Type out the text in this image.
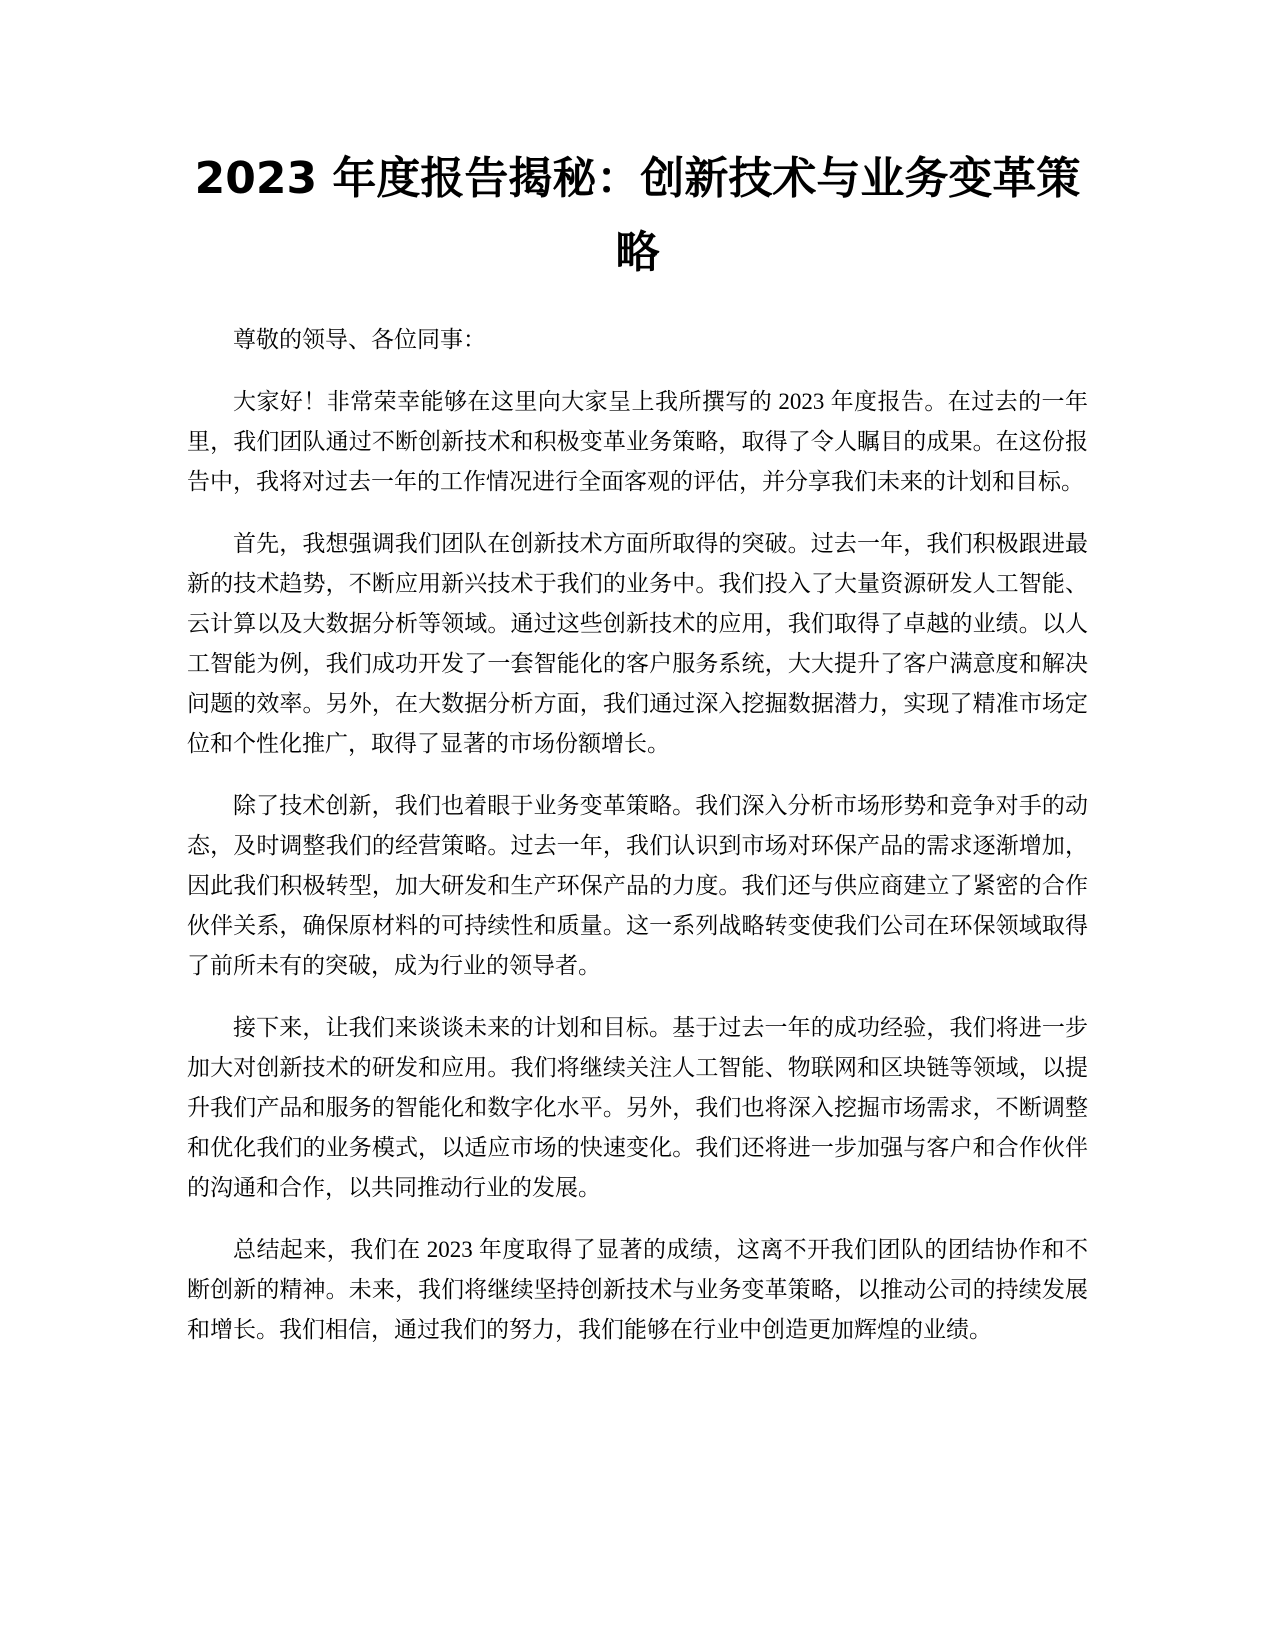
2023 年度报告揭秘：创新技术与业务变革策略

尊敬的领导、各位同事：

大家好！非常荣幸能够在这里向大家呈上我所撰写的 2023 年度报告。在过去的一年里，我们团队通过不断创新技术和积极变革业务策略，取得了令人瞩目的成果。在这份报告中，我将对过去一年的工作情况进行全面客观的评估，并分享我们未来的计划和目标。

首先，我想强调我们团队在创新技术方面所取得的突破。过去一年，我们积极跟进最新的技术趋势，不断应用新兴技术于我们的业务中。我们投入了大量资源研发人工智能、云计算以及大数据分析等领域。通过这些创新技术的应用，我们取得了卓越的业绩。以人工智能为例，我们成功开发了一套智能化的客户服务系统，大大提升了客户满意度和解决问题的效率。另外，在大数据分析方面，我们通过深入挖掘数据潜力，实现了精准市场定位和个性化推广，取得了显著的市场份额增长。

除了技术创新，我们也着眼于业务变革策略。我们深入分析市场形势和竞争对手的动态，及时调整我们的经营策略。过去一年，我们认识到市场对环保产品的需求逐渐增加，因此我们积极转型，加大研发和生产环保产品的力度。我们还与供应商建立了紧密的合作伙伴关系，确保原材料的可持续性和质量。这一系列战略转变使我们公司在环保领域取得了前所未有的突破，成为行业的领导者。

接下来，让我们来谈谈未来的计划和目标。基于过去一年的成功经验，我们将进一步加大对创新技术的研发和应用。我们将继续关注人工智能、物联网和区块链等领域，以提升我们产品和服务的智能化和数字化水平。另外，我们也将深入挖掘市场需求，不断调整和优化我们的业务模式，以适应市场的快速变化。我们还将进一步加强与客户和合作伙伴的沟通和合作，以共同推动行业的发展。

总结起来，我们在 2023 年度取得了显著的成绩，这离不开我们团队的团结协作和不断创新的精神。未来，我们将继续坚持创新技术与业务变革策略，以推动公司的持续发展和增长。我们相信，通过我们的努力，我们能够在行业中创造更加辉煌的业绩。
